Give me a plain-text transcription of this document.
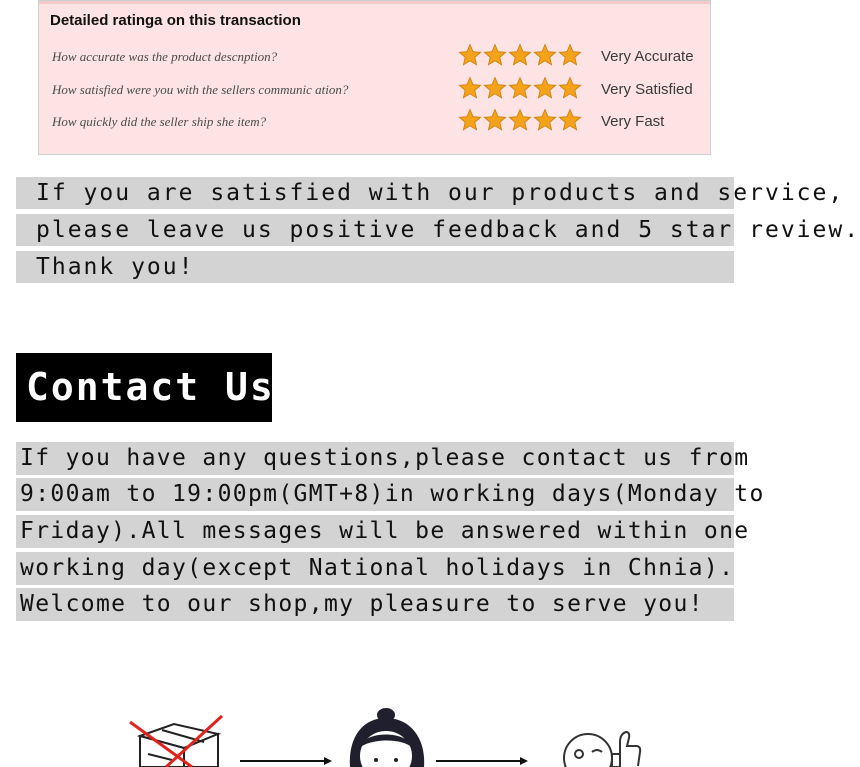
Detailed ratinga on this transaction
How accurate was the product descnption?	Very Accurate
How satisfied were you with the sellers communic ation?	Very Satisfied
How quickly did the seller ship she item?	Very Fast
If you are satisfied with our products and service,
please leave us positive feedback and 5 star review.
Thank you!
Contact Us
If you have any questions,please contact us from
9:00am to 19:00pm(GMT+8)in working days(Monday to
Friday).All messages will be answered within one
working day(except National holidays in Chnia).
Welcome to our shop,my pleasure to serve you!
